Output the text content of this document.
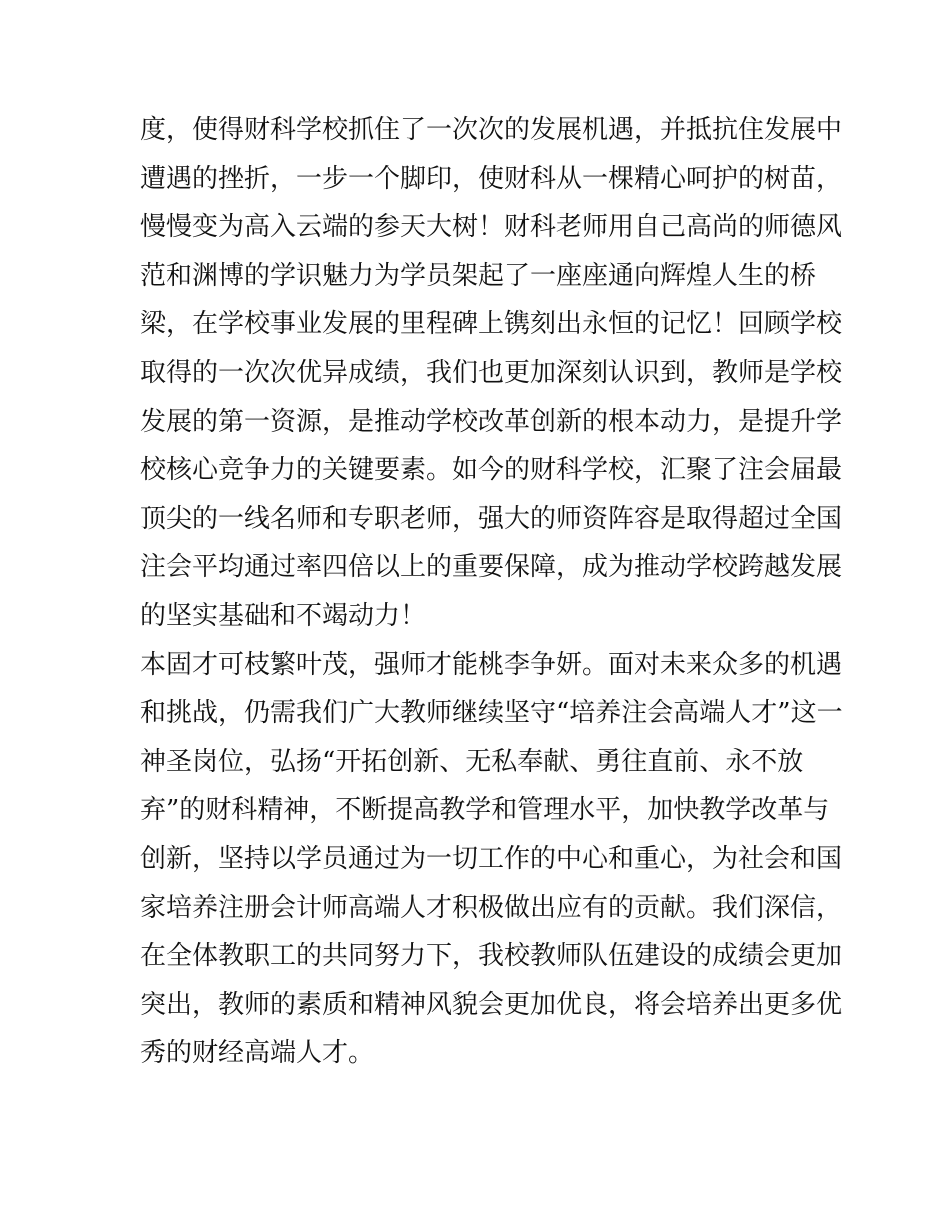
度，使得财科学校抓住了一次次的发展机遇，并抵抗住发展中
遭遇的挫折，一步一个脚印，使财科从一棵精心呵护的树苗，
慢慢变为高入云端的参天大树！财科老师用自己高尚的师德风
范和渊博的学识魅力为学员架起了一座座通向辉煌人生的桥
梁，在学校事业发展的里程碑上镌刻出永恒的记忆！回顾学校
取得的一次次优异成绩，我们也更加深刻认识到，教师是学校
发展的第一资源，是推动学校改革创新的根本动力，是提升学
校核心竞争力的关键要素。如今的财科学校，汇聚了注会届最
顶尖的一线名师和专职老师，强大的师资阵容是取得超过全国
注会平均通过率四倍以上的重要保障，成为推动学校跨越发展
的坚实基础和不竭动力！
本固才可枝繁叶茂，强师才能桃李争妍。面对未来众多的机遇
和挑战，仍需我们广大教师继续坚守“培养注会高端人才”这一
神圣岗位，弘扬“开拓创新、无私奉献、勇往直前、永不放
弃”的财科精神，不断提高教学和管理水平，加快教学改革与
创新，坚持以学员通过为一切工作的中心和重心，为社会和国
家培养注册会计师高端人才积极做出应有的贡献。我们深信，
在全体教职工的共同努力下，我校教师队伍建设的成绩会更加
突出，教师的素质和精神风貌会更加优良，将会培养出更多优
秀的财经高端人才。
